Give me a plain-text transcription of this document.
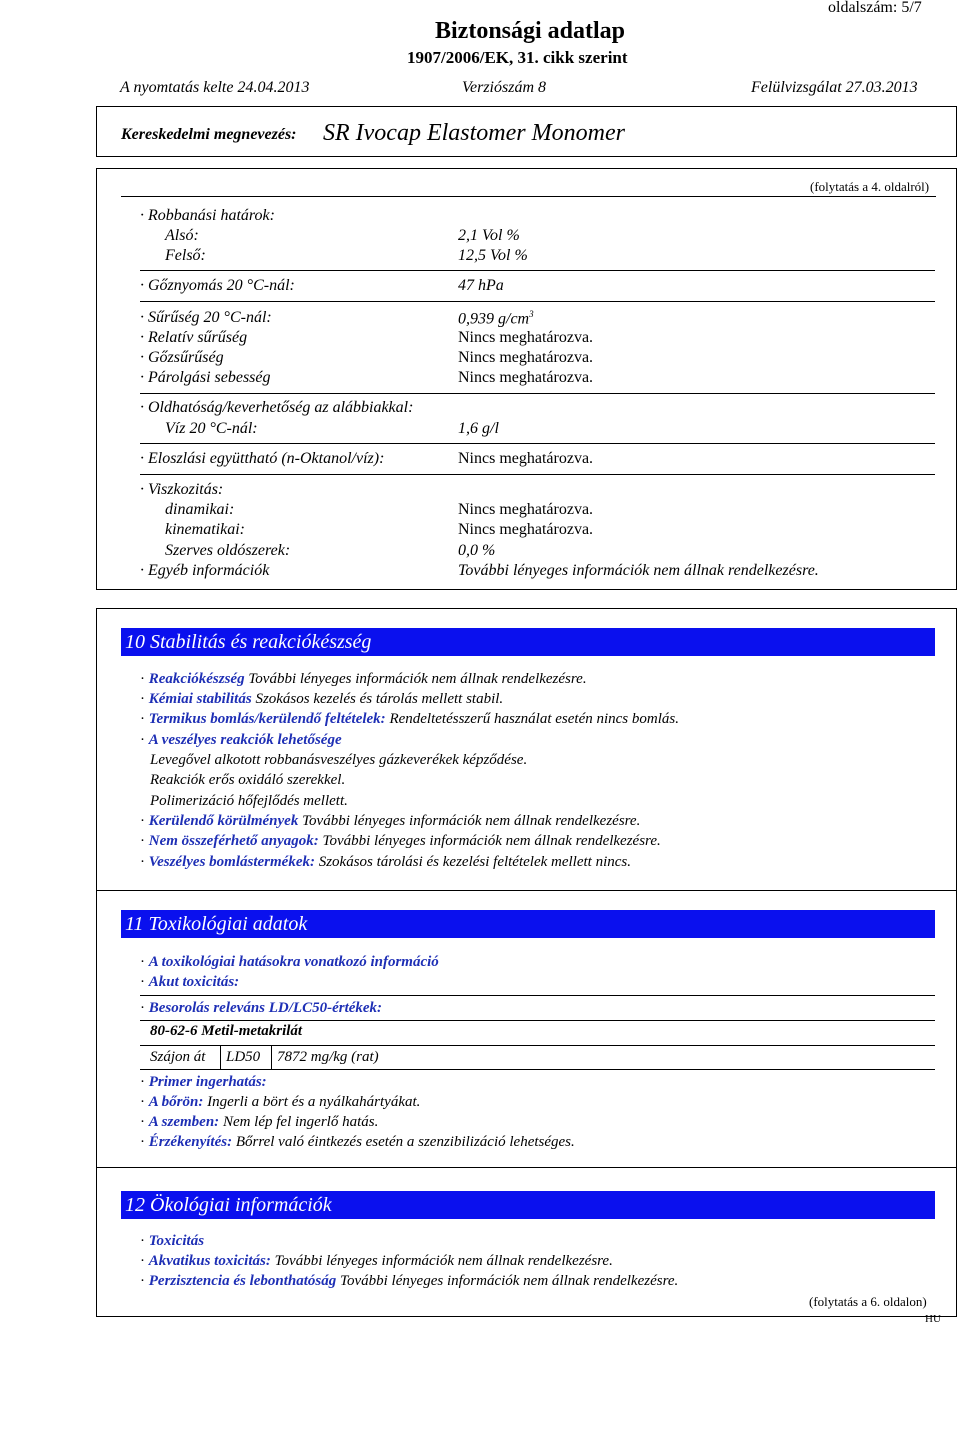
oldalszám: 5/7
Biztonsági adatlap
1907/2006/EK, 31. cikk szerint
A nyomtatás kelte 24.04.2013	Verziószám 8	Felülvizsgálat 27.03.2013
Kereskedelmi megnevezés: SR Ivocap Elastomer Monomer
(folytatás a 4. oldalról)
· Robbanási határok:
Alsó:	2,1 Vol %
Felső:	12,5 Vol %
· Gőznyomás 20 °C-nál:	47 hPa
· Sűrűség 20 °C-nál:	0,939 $g/cm^3$
· Relatív sűrűség	Nincs meghatározva.
· Gőzsűrűség	Nincs meghatározva.
· Párolgási sebesség	Nincs meghatározva.
· Oldhatóság/keverhetőség az alábbiakkal:
Víz 20 °C-nál:	1,6 g/l
· Eloszlási együttható (n-Oktanol/víz):	Nincs meghatározva.
· Viszkozitás:
dinamikai:	Nincs meghatározva.
kinematikai:	Nincs meghatározva.
Szerves oldószerek:	0,0 %
· Egyéb információk	További lényeges információk nem állnak rendelkezésre.
10 Stabilitás és reakciókészség
· Reakciókészség További lényeges információk nem állnak rendelkezésre.
· Kémiai stabilitás Szokásos kezelés és tárolás mellett stabil.
· Termikus bomlás/kerülendő feltételek: Rendeltetésszerű használat esetén nincs bomlás.
· A veszélyes reakciók lehetősége
Levegővel alkotott robbanásveszélyes gázkeverékek képződése.
Reakciók erős oxidáló szerekkel.
Polimerizáció hőfejlődés mellett.
· Kerülendő körülmények További lényeges információk nem állnak rendelkezésre.
· Nem összeférhető anyagok: További lényeges információk nem állnak rendelkezésre.
· Veszélyes bomlástermékek: Szokásos tárolási és kezelési feltételek mellett nincs.
11 Toxikológiai adatok
· A toxikológiai hatásokra vonatkozó információ
· Akut toxicitás:
· Besorolás releváns LD/LC50-értékek:
80-62-6 Metil-metakrilát
Szájon át LD50 7872 mg/kg (rat)
· Primer ingerhatás:
· A bőrön: Ingerli a bört és a nyálkahártyákat.
· A szemben: Nem lép fel ingerlő hatás.
· Érzékenyítés: Bőrrel való éintkezés esetén a szenzibilizáció lehetséges.
12 Ökológiai információk
· Toxicitás
· Akvatikus toxicitás: További lényeges információk nem állnak rendelkezésre.
· Perzisztencia és lebonthatóság További lényeges információk nem állnak rendelkezésre.
(folytatás a 6. oldalon)
HU
